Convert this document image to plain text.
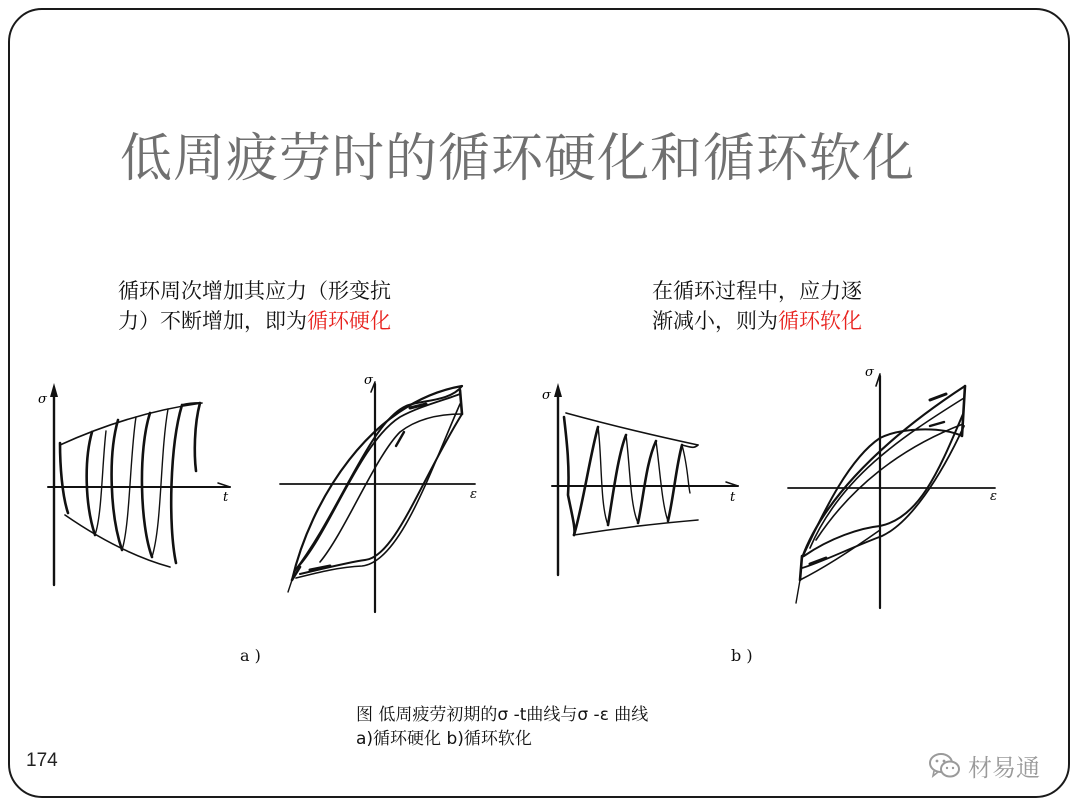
低周疲劳时的循环硬化和循环软化
循环周次增加其应力（形变抗
力）不断增加，即为循环硬化
在循环过程中，应力逐
渐减小，则为循环软化
σ
t
σ
ε
σ
t
σ
ε
a )	b )
图 低周疲劳初期的σ -t曲线与σ -ε 曲线
a)循环硬化 b)循环软化
174	材易通
